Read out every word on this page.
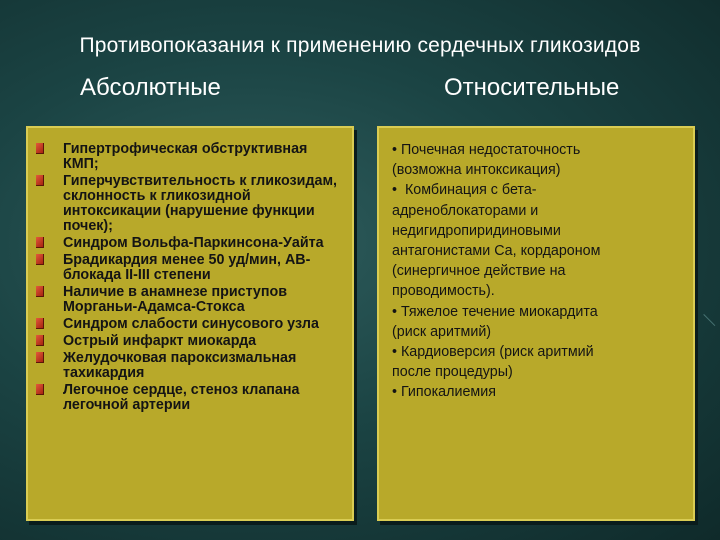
Противопоказания к применению сердечных гликозидов
Абсолютные	Относительные
Гипертрофическая обструктивная КМП;
Гиперчувствительность к гликозидам, склонность к гликозидной интоксикации (нарушение функции почек);
Синдром Вольфа-Паркинсона-Уайта
Брадикардия менее 50 уд/мин, АВ-блокада II-III степени
Наличие в анамнезе приступов Морганьи-Адамса-Стокса
Синдром слабости синусового узла
Острый инфаркт миокарда
Желудочковая пароксизмальная тахикардия
Легочное сердце, стеноз клапана легочной артерии
• Почечная недостаточность
(возможна интоксикация)
•  Комбинация с бета-
адреноблокаторами и
недигидропиридиновыми
антагонистами Са, кордароном
(синергичное действие на
проводимость).
• Тяжелое течение миокардита
(риск аритмий)
• Кардиоверсия (риск аритмий
после процедуры)
• Гипокалиемия
